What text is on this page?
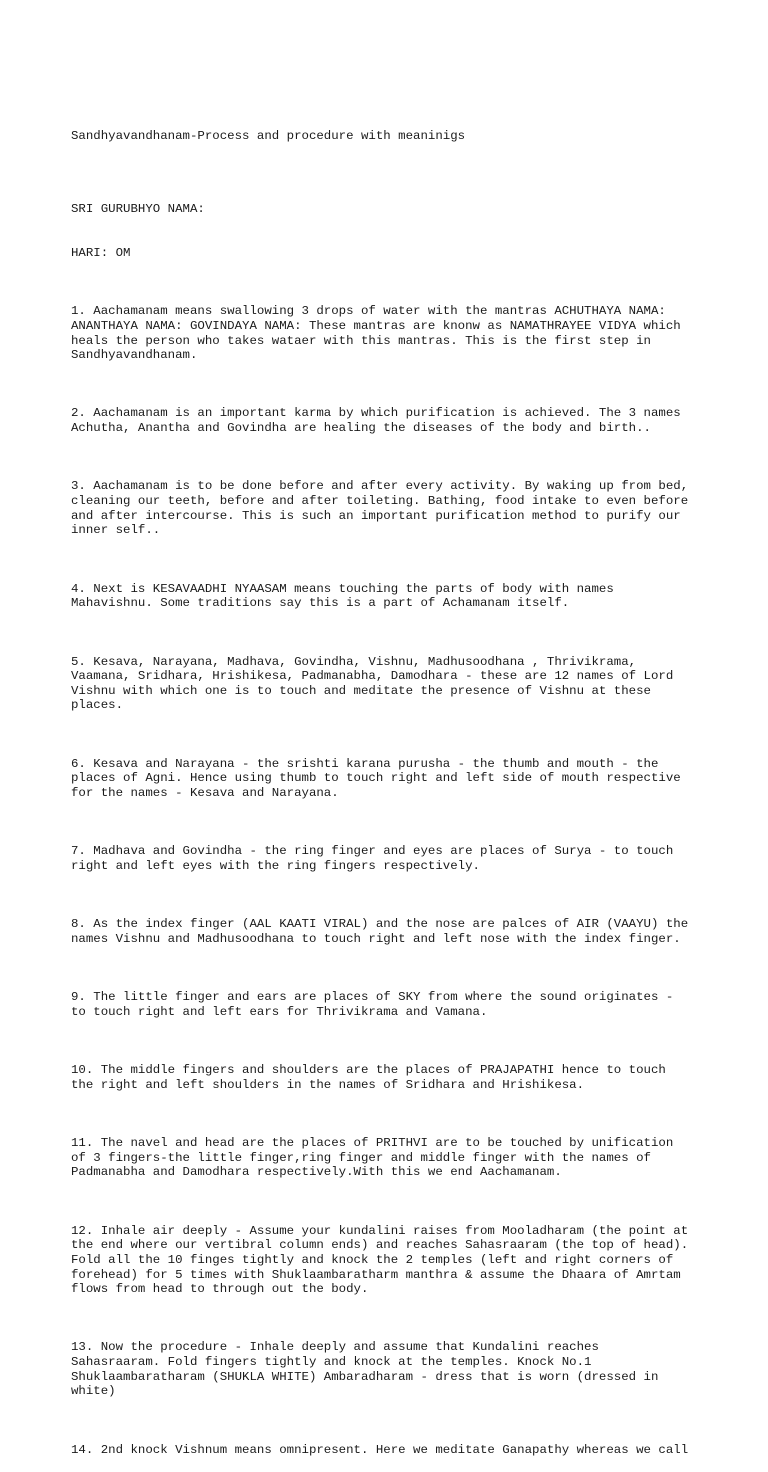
Sandhyavandhanam-Process and procedure with meaninigs

SRI GURUBHYO NAMA:

HARI: OM

1. Aachamanam means swallowing 3 drops of water with the mantras ACHUTHAYA NAMA:
ANANTHAYA NAMA: GOVINDAYA NAMA: These mantras are knonw as NAMATHRAYEE VIDYA which
heals the person who takes wataer with this mantras. This is the first step in
Sandhyavandhanam.

2. Aachamanam is an important karma by which purification is achieved. The 3 names
Achutha, Anantha and Govindha are healing the diseases of the body and birth..

3. Aachamanam is to be done before and after every activity. By waking up from bed,
cleaning our teeth, before and after toileting. Bathing, food intake to even before
and after intercourse. This is such an important purification method to purify our
inner self..

4. Next is KESAVAADHI NYAASAM means touching the parts of body with names
Mahavishnu. Some traditions say this is a part of Achamanam itself.

5. Kesava, Narayana, Madhava, Govindha, Vishnu, Madhusoodhana , Thrivikrama,
Vaamana, Sridhara, Hrishikesa, Padmanabha, Damodhara - these are 12 names of Lord
Vishnu with which one is to touch and meditate the presence of Vishnu at these
places.

6. Kesava and Narayana - the srishti karana purusha - the thumb and mouth - the
places of Agni. Hence using thumb to touch right and left side of mouth respective
for the names - Kesava and Narayana.

7. Madhava and Govindha - the ring finger and eyes are places of Surya - to touch
right and left eyes with the ring fingers respectively.

8. As the index finger (AAL KAATI VIRAL) and the nose are palces of AIR (VAAYU) the
names Vishnu and Madhusoodhana to touch right and left nose with the index finger.

9. The little finger and ears are places of SKY from where the sound originates -
to touch right and left ears for Thrivikrama and Vamana.

10. The middle fingers and shoulders are the places of PRAJAPATHI hence to touch
the right and left shoulders in the names of Sridhara and Hrishikesa.

11. The navel and head are the places of PRITHVI are to be touched by unification
of 3 fingers-the little finger,ring finger and middle finger with the names of
Padmanabha and Damodhara respectively.With this we end Aachamanam.

12. Inhale air deeply - Assume your kundalini raises from Mooladharam (the point at
the end where our vertibral column ends) and reaches Sahasraaram (the top of head).
Fold all the 10 finges tightly and knock the 2 temples (left and right corners of
forehead) for 5 times with Shuklaambaratharm manthra & assume the Dhaara of Amrtam
flows from head to through out the body.

13. Now the procedure - Inhale deeply and assume that Kundalini reaches
Sahasraaram. Fold fingers tightly and knock at the temples. Knock No.1
Shuklaambaratharam (SHUKLA WHITE) Ambaradharam - dress that is worn (dressed in
white)

14. 2nd knock Vishnum means omnipresent. Here we meditate Ganapathy whereas we call
